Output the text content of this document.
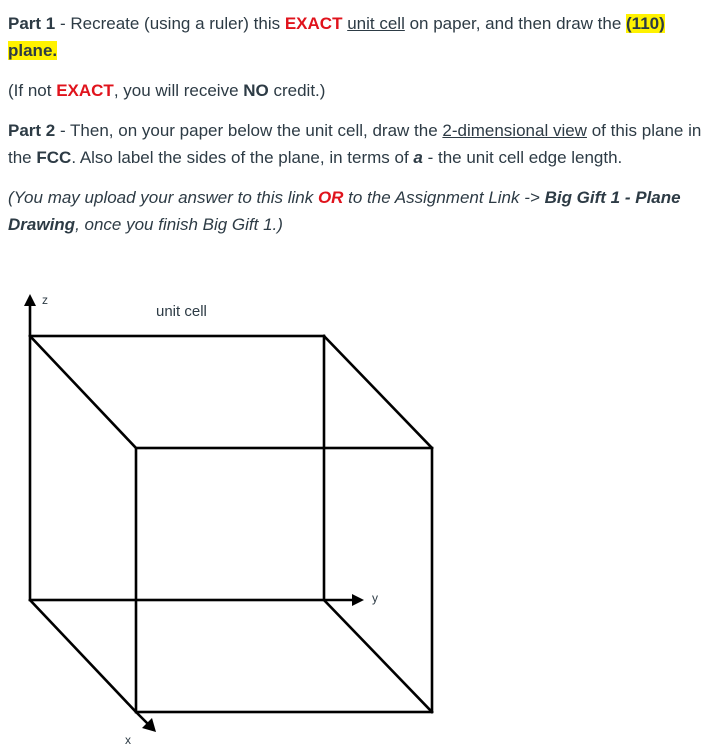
Part 1 - Recreate (using a ruler) this EXACT unit cell on paper, and then draw the (110)
plane.

(If not EXACT, you will receive NO credit.)

Part 2 - Then, on your paper below the unit cell, draw the 2-dimensional view of this plane in the FCC. Also label the sides of the plane, in terms of a - the unit cell edge length.

(You may upload your answer to this link OR to the Assignment Link -> Big Gift 1 - Plane Drawing, once you finish Big Gift 1.)

z
unit cell
y
x
